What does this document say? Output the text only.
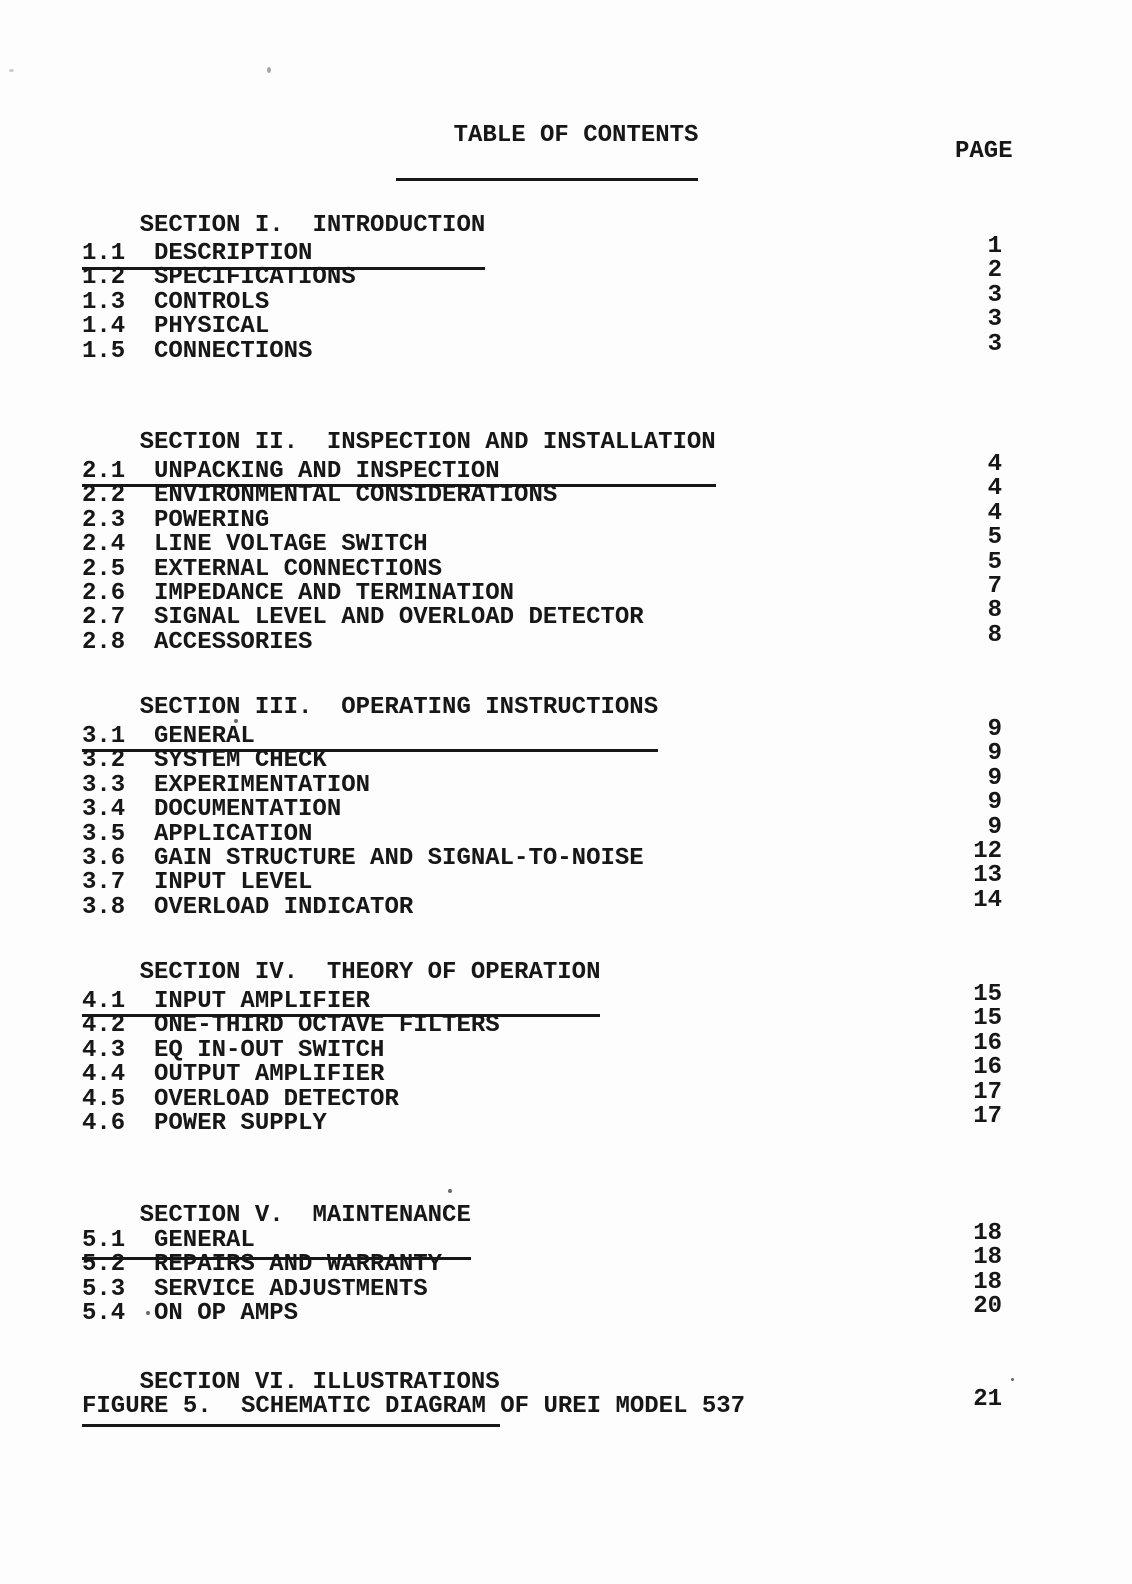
TABLE OF CONTENTS

PAGE

SECTION I.  INTRODUCTION

1.1 DESCRIPTION	1
1.2 SPECIFICATIONS	2
1.3 CONTROLS	3
1.4 PHYSICAL	3
1.5 CONNECTIONS	3

SECTION II.  INSPECTION AND INSTALLATION

2.1 UNPACKING AND INSPECTION	4
2.2 ENVIRONMENTAL CONSIDERATIONS	4
2.3 POWERING	4
2.4 LINE VOLTAGE SWITCH	5
2.5 EXTERNAL CONNECTIONS	5
2.6 IMPEDANCE AND TERMINATION	7
2.7 SIGNAL LEVEL AND OVERLOAD DETECTOR	8
2.8 ACCESSORIES	8

SECTION III.  OPERATING INSTRUCTIONS

3.1 GENERAL	9
3.2 SYSTEM CHECK	9
3.3 EXPERIMENTATION	9
3.4 DOCUMENTATION	9
3.5 APPLICATION	9
3.6 GAIN STRUCTURE AND SIGNAL-TO-NOISE	12
3.7 INPUT LEVEL	13
3.8 OVERLOAD INDICATOR	14

SECTION IV.  THEORY OF OPERATION

4.1 INPUT AMPLIFIER	15
4.2 ONE-THIRD OCTAVE FILTERS	15
4.3 EQ IN-OUT SWITCH	16
4.4 OUTPUT AMPLIFIER	16
4.5 OVERLOAD DETECTOR	17
4.6 POWER SUPPLY	17

SECTION V.  MAINTENANCE

5.1 GENERAL	18
5.2 REPAIRS AND WARRANTY	18
5.3 SERVICE ADJUSTMENTS	18
5.4 ON OP AMPS	20

SECTION VI. ILLUSTRATIONS

FIGURE 5. SCHEMATIC DIAGRAM OF UREI MODEL 537	21
